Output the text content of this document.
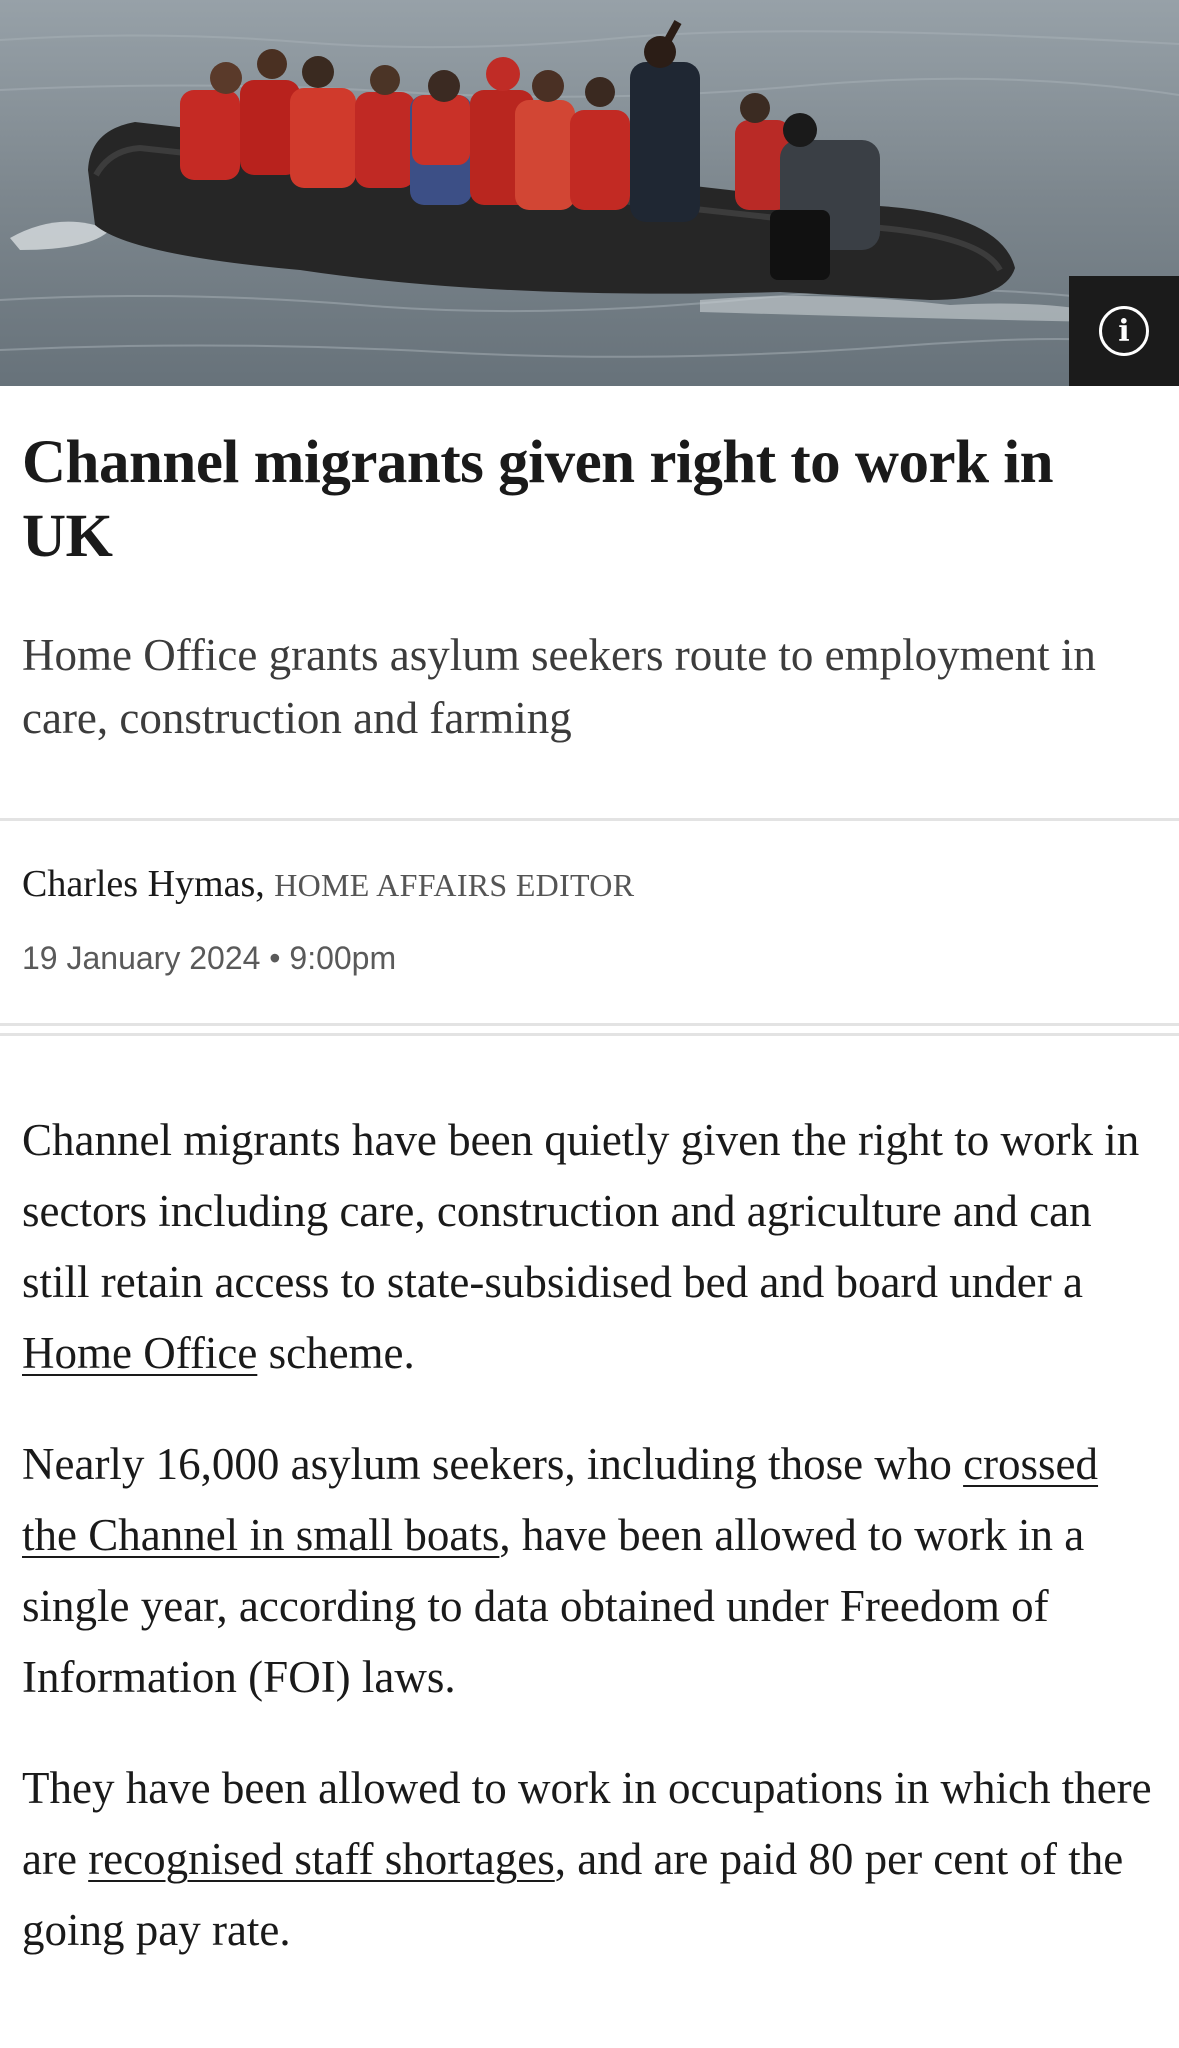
i
Channel migrants given right to work in UK

Home Office grants asylum seekers route to employment in care, construction and farming

Charles Hymas, HOME AFFAIRS EDITOR
19 January 2024 • 9:00pm

Channel migrants have been quietly given the right to work in sectors including care, construction and agriculture and can still retain access to state-subsidised bed and board under a Home Office scheme.

Nearly 16,000 asylum seekers, including those who crossed the Channel in small boats, have been allowed to work in a single year, according to data obtained under Freedom of Information (FOI) laws.

They have been allowed to work in occupations in which there are recognised staff shortages, and are paid 80 per cent of the going pay rate.
